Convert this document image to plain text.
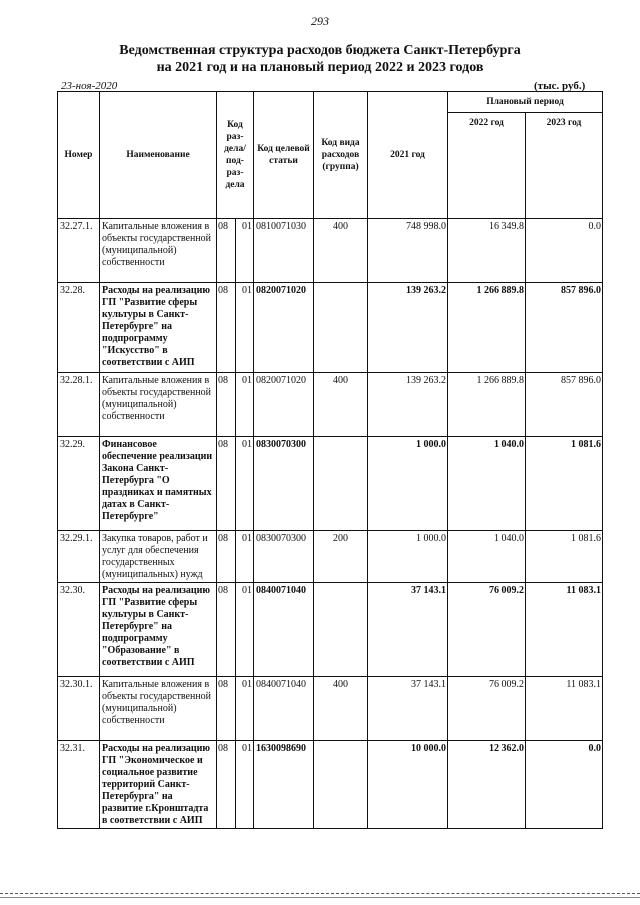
293
Ведомственная структура расходов бюджета Санкт-Петербурга
на 2021 год и на плановый период 2022 и 2023 годов
23-ноя-2020	(тыс. руб.)
Номер	Наименование	Код раз- дела/ под- раз- дела		Код целевой статьи	Код вида расходов (группа)	2021 год	Плановый период	
							2022 год	2023 год
32.27.1.	Капитальные вложения в объекты государственной (муниципальной) собственности	08	01	0810071030	400	748 998.0	16 349.8	0.0
32.28.	Расходы на реализацию ГП "Развитие сферы культуры в Санкт-Петербурге" на подпрограмму "Искусство" в соответствии с АИП	08	01	0820071020		139 263.2	1 266 889.8	857 896.0
32.28.1.	Капитальные вложения в объекты государственной (муниципальной) собственности	08	01	0820071020	400	139 263.2	1 266 889.8	857 896.0
32.29.	Финансовое обеспечение реализации Закона Санкт-Петербурга "О праздниках и памятных датах в Санкт-Петербурге"	08	01	0830070300		1 000.0	1 040.0	1 081.6
32.29.1.	Закупка товаров, работ и услуг для обеспечения государственных (муниципальных) нужд	08	01	0830070300	200	1 000.0	1 040.0	1 081.6
32.30.	Расходы на реализацию ГП "Развитие сферы культуры в Санкт-Петербурге" на подпрограмму "Образование" в соответствии с АИП	08	01	0840071040		37 143.1	76 009.2	11 083.1
32.30.1.	Капитальные вложения в объекты государственной (муниципальной) собственности	08	01	0840071040	400	37 143.1	76 009.2	11 083.1
32.31.	Расходы на реализацию ГП "Экономическое и социальное развитие территорий Санкт-Петербурга" на развитие г.Кронштадта в соответствии с АИП	08	01	1630098690		10 000.0	12 362.0	0.0
